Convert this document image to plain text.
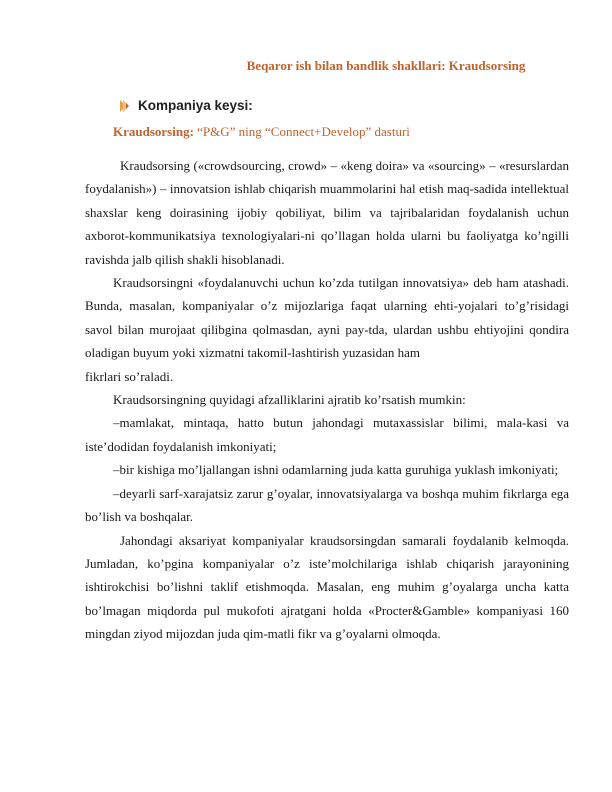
Beqaror ish bilan bandlik shakllari: Kraudsorsing
Kompaniya keysi:
Kraudsorsing: “P&G” ning “Connect+Develop” dasturi

Kraudsorsing («crowdsourcing, crowd» – «keng doira» va «sourcing» – «resurslardan foydalanish») – innovatsion ishlab chiqarish muammolarini hal etish maq-sadida intellektual shaxslar keng doirasining ijobiy qobiliyat, bilim va tajribalaridan foydalanish uchun axborot-kommunikatsiya texnologiyalari-ni qo’llagan holda ularni bu faoliyatga ko’ngilli ravishda jalb qilish shakli hisoblanadi.

Kraudsorsingni «foydalanuvchi uchun ko’zda tutilgan innovatsiya» deb ham atashadi. Bunda, masalan, kompaniyalar o’z mijozlariga faqat ularning ehti-yojalari to’g’risidagi savol bilan murojaat qilibgina qolmasdan, ayni pay-tda, ulardan ushbu ehtiyojini qondira oladigan buyum yoki xizmatni takomil-lashtirish yuzasidan ham

fikrlari so’raladi.

Kraudsorsingning quyidagi afzalliklarini ajratib ko’rsatish mumkin:

–mamlakat, mintaqa, hatto butun jahondagi mutaxassislar bilimi, mala-kasi va iste’dodidan foydalanish imkoniyati;

–bir kishiga mo’ljallangan ishni odamlarning juda katta guruhiga yuklash imkoniyati;

–deyarli sarf-xarajatsiz zarur g’oyalar, innovatsiyalarga va boshqa muhim fikrlarga ega bo’lish va boshqalar.

Jahondagi aksariyat kompaniyalar kraudsorsingdan samarali foydalanib kelmoqda. Jumladan, ko’pgina kompaniyalar o’z iste’molchilariga ishlab chiqarish jarayonining ishtirokchisi bo’lishni taklif etishmoqda. Masalan, eng muhim g’oyalarga uncha katta bo’lmagan miqdorda pul mukofoti ajratgani holda «Procter&Gamble» kompaniyasi 160 mingdan ziyod mijozdan juda qim-matli fikr va g’oyalarni olmoqda.
